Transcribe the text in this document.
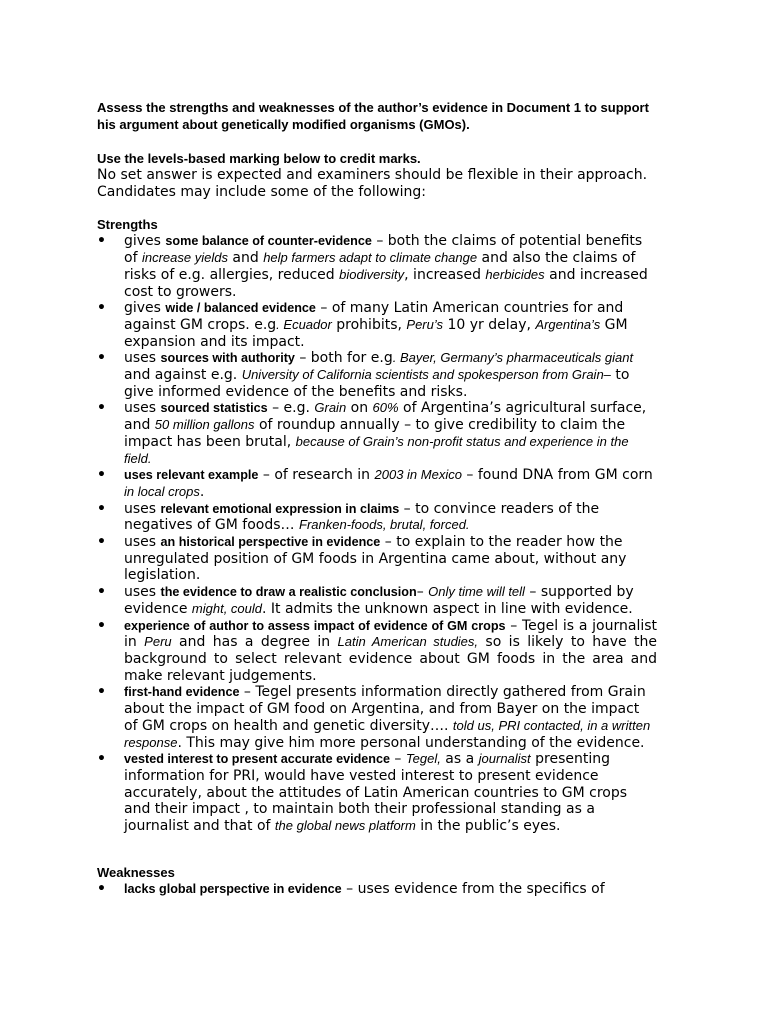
Assess the strengths and weaknesses of the author’s evidence in Document 1 to support his argument about genetically modified organisms (GMOs).

Use the levels-based marking below to credit marks.

No set answer is expected and examiners should be flexible in their approach. Candidates may include some of the following:

Strengths

• gives some balance of counter-evidence – both the claims of potential benefits of increase yields and help farmers adapt to climate change and also the claims of risks of e.g. allergies, reduced biodiversity, increased herbicides and increased cost to growers.
• gives wide / balanced evidence – of many Latin American countries for and against GM crops. e.g. Ecuador prohibits, Peru’s 10 yr delay, Argentina’s GM expansion and its impact.
• uses sources with authority – both for e.g. Bayer, Germany’s pharmaceuticals giant and against e.g. University of California scientists and spokesperson from Grain– to give informed evidence of the benefits and risks.
• uses sourced statistics – e.g. Grain on 60% of Argentina’s agricultural surface, and 50 million gallons of roundup annually – to give credibility to claim the impact has been brutal, because of Grain’s non-profit status and experience in the field.
• uses relevant example – of research in 2003 in Mexico – found DNA from GM corn in local crops.
• uses relevant emotional expression in claims – to convince readers of the negatives of GM foods… Franken-foods, brutal, forced.
• uses an historical perspective in evidence – to explain to the reader how the unregulated position of GM foods in Argentina came about, without any legislation.
• uses the evidence to draw a realistic conclusion– Only time will tell – supported by evidence might, could. It admits the unknown aspect in line with evidence.
• experience of author to assess impact of evidence of GM crops – Tegel is a journalist in Peru and has a degree in Latin American studies, so is likely to have the background to select relevant evidence about GM foods in the area and make relevant judgements.
• first-hand evidence – Tegel presents information directly gathered from Grain about the impact of GM food on Argentina, and from Bayer on the impact of GM crops on health and genetic diversity…. told us, PRI contacted, in a written response. This may give him more personal understanding of the evidence.
• vested interest to present accurate evidence – Tegel, as a journalist presenting information for PRI, would have vested interest to present evidence accurately, about the attitudes of Latin American countries to GM crops and their impact , to maintain both their professional standing as a journalist and that of the global news platform in the public’s eyes.

Weaknesses

• lacks global perspective in evidence – uses evidence from the specifics of
